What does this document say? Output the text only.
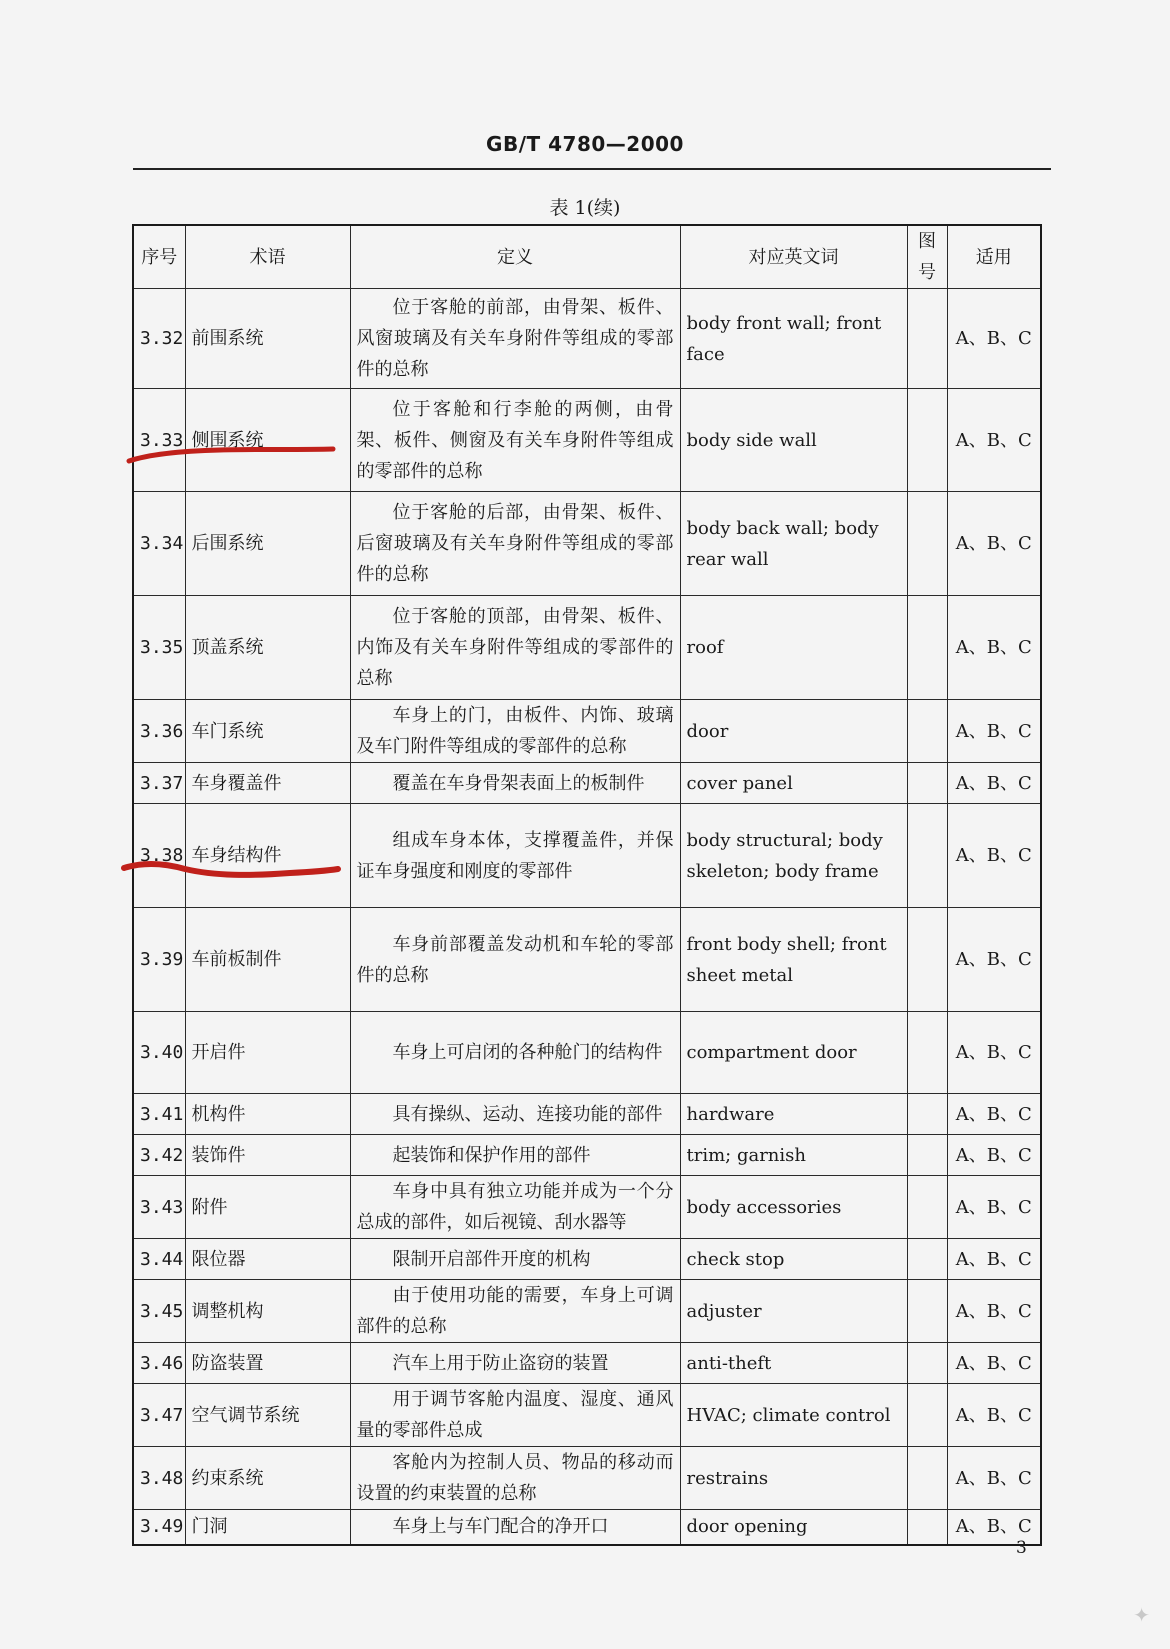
GB/T 4780—2000
表 1(续)
序号	术语	定义	对应英文词	图号	适用
3.32	前围系统	位于客舱的前部，由骨架、板件、风窗玻璃及有关车身附件等组成的零部件的总称	body front wall; front face		A、B、C
3.33	侧围系统	位于客舱和行李舱的两侧，由骨架、板件、侧窗及有关车身附件等组成的零部件的总称	body side wall		A、B、C
3.34	后围系统	位于客舱的后部，由骨架、板件、后窗玻璃及有关车身附件等组成的零部件的总称	body back wall; body rear wall		A、B、C
3.35	顶盖系统	位于客舱的顶部，由骨架、板件、内饰及有关车身附件等组成的零部件的总称	roof		A、B、C
3.36	车门系统	车身上的门，由板件、内饰、玻璃及车门附件等组成的零部件的总称	door		A、B、C
3.37	车身覆盖件	覆盖在车身骨架表面上的板制件	cover panel		A、B、C
3.38	车身结构件	组成车身本体，支撑覆盖件，并保证车身强度和刚度的零部件	body structural; body skeleton; body frame		A、B、C
3.39	车前板制件	车身前部覆盖发动机和车轮的零部件的总称	front body shell; front sheet metal		A、B、C
3.40	开启件	车身上可启闭的各种舱门的结构件	compartment door		A、B、C
3.41	机构件	具有操纵、运动、连接功能的部件	hardware		A、B、C
3.42	装饰件	起装饰和保护作用的部件	trim; garnish		A、B、C
3.43	附件	车身中具有独立功能并成为一个分总成的部件，如后视镜、刮水器等	body accessories		A、B、C
3.44	限位器	限制开启部件开度的机构	check stop		A、B、C
3.45	调整机构	由于使用功能的需要，车身上可调部件的总称	adjuster		A、B、C
3.46	防盗装置	汽车上用于防止盗窃的装置	anti-theft		A、B、C
3.47	空气调节系统	用于调节客舱内温度、湿度、通风量的零部件总成	HVAC; climate control		A、B、C
3.48	约束系统	客舱内为控制人员、物品的移动而设置的约束装置的总称	restrains		A、B、C
3.49	门洞	车身上与车门配合的净开口	door opening		A、B、C
3
✦
